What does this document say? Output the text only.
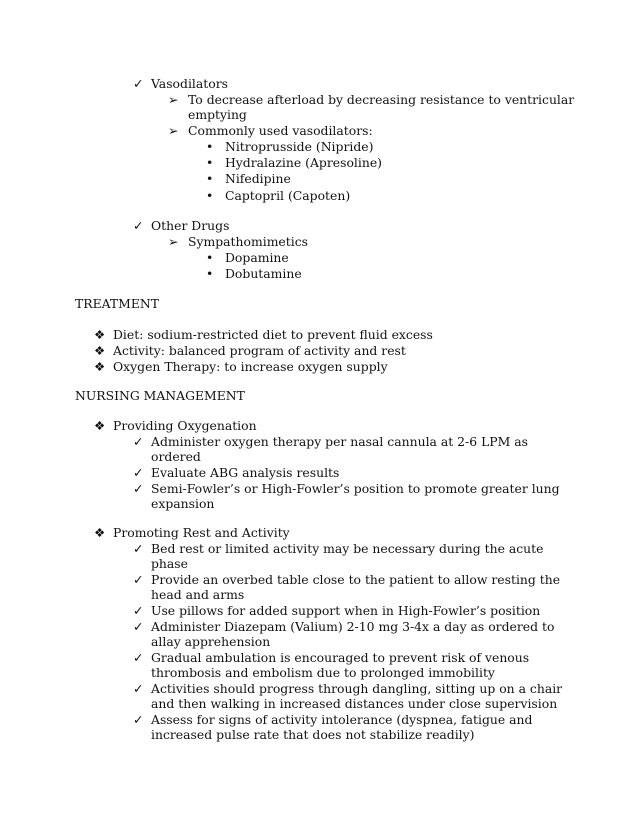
✓ Vasodilators
➢ To decrease afterload by decreasing resistance to ventricular
emptying
➢ Commonly used vasodilators:
• Nitroprusside (Nipride)
• Hydralazine (Apresoline)
• Nifedipine
• Captopril (Capoten)
✓ Other Drugs
➢ Sympathomimetics
• Dopamine
• Dobutamine
TREATMENT
❖ Diet: sodium-restricted diet to prevent fluid excess
❖ Activity: balanced program of activity and rest
❖ Oxygen Therapy: to increase oxygen supply
NURSING MANAGEMENT
❖ Providing Oxygenation
✓ Administer oxygen therapy per nasal cannula at 2-6 LPM as
ordered
✓ Evaluate ABG analysis results
✓ Semi-Fowler’s or High-Fowler’s position to promote greater lung
expansion
❖ Promoting Rest and Activity
✓ Bed rest or limited activity may be necessary during the acute
phase
✓ Provide an overbed table close to the patient to allow resting the
head and arms
✓ Use pillows for added support when in High-Fowler’s position
✓ Administer Diazepam (Valium) 2-10 mg 3-4x a day as ordered to
allay apprehension
✓ Gradual ambulation is encouraged to prevent risk of venous
thrombosis and embolism due to prolonged immobility
✓ Activities should progress through dangling, sitting up on a chair
and then walking in increased distances under close supervision
✓ Assess for signs of activity intolerance (dyspnea, fatigue and
increased pulse rate that does not stabilize readily)
